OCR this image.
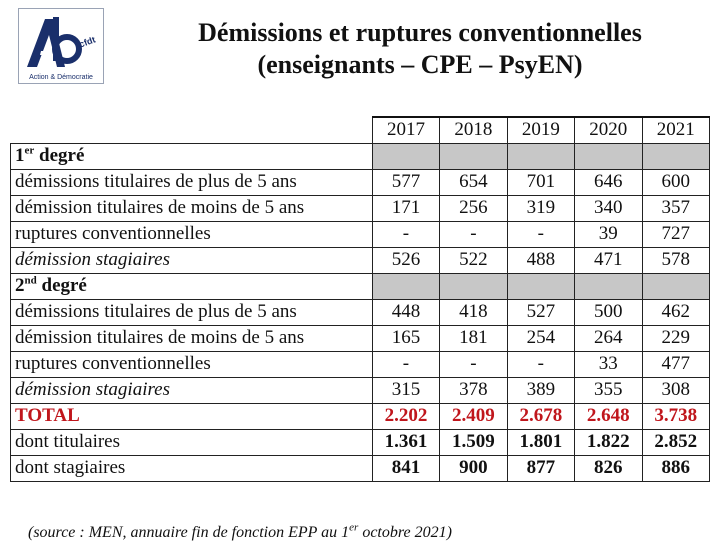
cfdt
Action & Démocratie
Démissions et ruptures conventionnelles
(enseignants – CPE – PsyEN)
	2017	2018	2019	2020	2021
1er degré					
démissions titulaires de plus de 5 ans	577	654	701	646	600
démission titulaires de moins de 5 ans	171	256	319	340	357
ruptures conventionnelles	-	-	-	39	727
démission stagiaires	526	522	488	471	578
2nd degré					
démissions titulaires de plus de 5 ans	448	418	527	500	462
démission titulaires de moins de 5 ans	165	181	254	264	229
ruptures conventionnelles	-	-	-	33	477
démission stagiaires	315	378	389	355	308
TOTAL	2.202	2.409	2.678	2.648	3.738
dont titulaires	1.361	1.509	1.801	1.822	2.852
dont stagiaires	841	900	877	826	886
(source : MEN, annuaire fin de fonction EPP au 1er octobre 2021)
